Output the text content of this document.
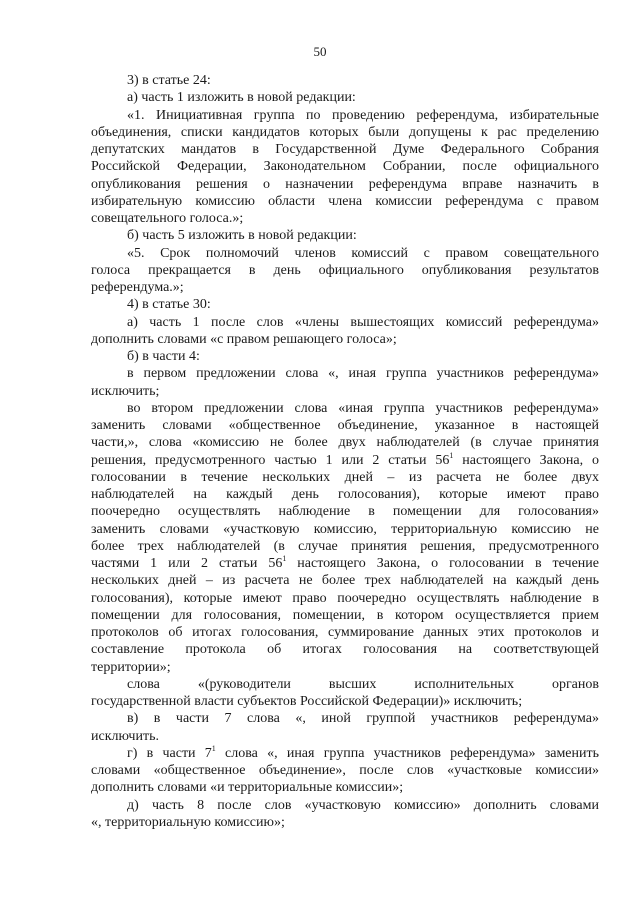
50
3) в статье 24:
а) часть 1 изложить в новой редакции:
«1. Инициативная группа по проведению референдума, избирательные
объединения, списки кандидатов которых были допущены к рас пределению
депутатских мандатов в Государственной Думе Федерального Собрания
Российской Федерации, Законодательном Собрании, после официального
опубликования решения о назначении референдума вправе назначить в
избирательную комиссию области члена комиссии референдума с правом
совещательного голоса.»;
б) часть 5 изложить в новой редакции:
«5. Срок полномочий членов комиссий с правом совещательного
голоса прекращается в день официального опубликования результатов
референдума.»;
4) в статье 30:
а) часть 1 после слов «члены вышестоящих комиссий референдума»
дополнить словами «с правом решающего голоса»;
б) в части 4:
в первом предложении слова «, иная группа участников референдума»
исключить;
во втором предложении слова «иная группа участников референдума»
заменить словами «общественное объединение, указанное в настоящей
части,», слова «комиссию не более двух наблюдателей (в случае принятия
решения, предусмотренного частью 1 или 2 статьи $56^1$ настоящего Закона, о
голосовании в течение нескольких дней – из расчета не более двух
наблюдателей на каждый день голосования), которые имеют право
поочередно осуществлять наблюдение в помещении для голосования»
заменить словами «участковую комиссию, территориальную комиссию не
более трех наблюдателей (в случае принятия решения, предусмотренного
частями 1 или 2 статьи $56^1$ настоящего Закона, о голосовании в течение
нескольких дней – из расчета не более трех наблюдателей на каждый день
голосования), которые имеют право поочередно осуществлять наблюдение в
помещении для голосования, помещении, в котором осуществляется прием
протоколов об итогах голосования, суммирование данных этих протоколов и
составление протокола об итогах голосования на соответствующей
территории»;
слова «(руководители высших исполнительных органов
государственной власти субъектов Российской Федерации)» исключить;
в) в части 7 слова «, иной группой участников референдума»
исключить.
г) в части $7^1$ слова «, иная группа участников референдума» заменить
словами «общественное объединение», после слов «участковые комиссии»
дополнить словами «и территориальные комиссии»;
д) часть 8 после слов «участковую комиссию» дополнить словами
«, территориальную комиссию»;
